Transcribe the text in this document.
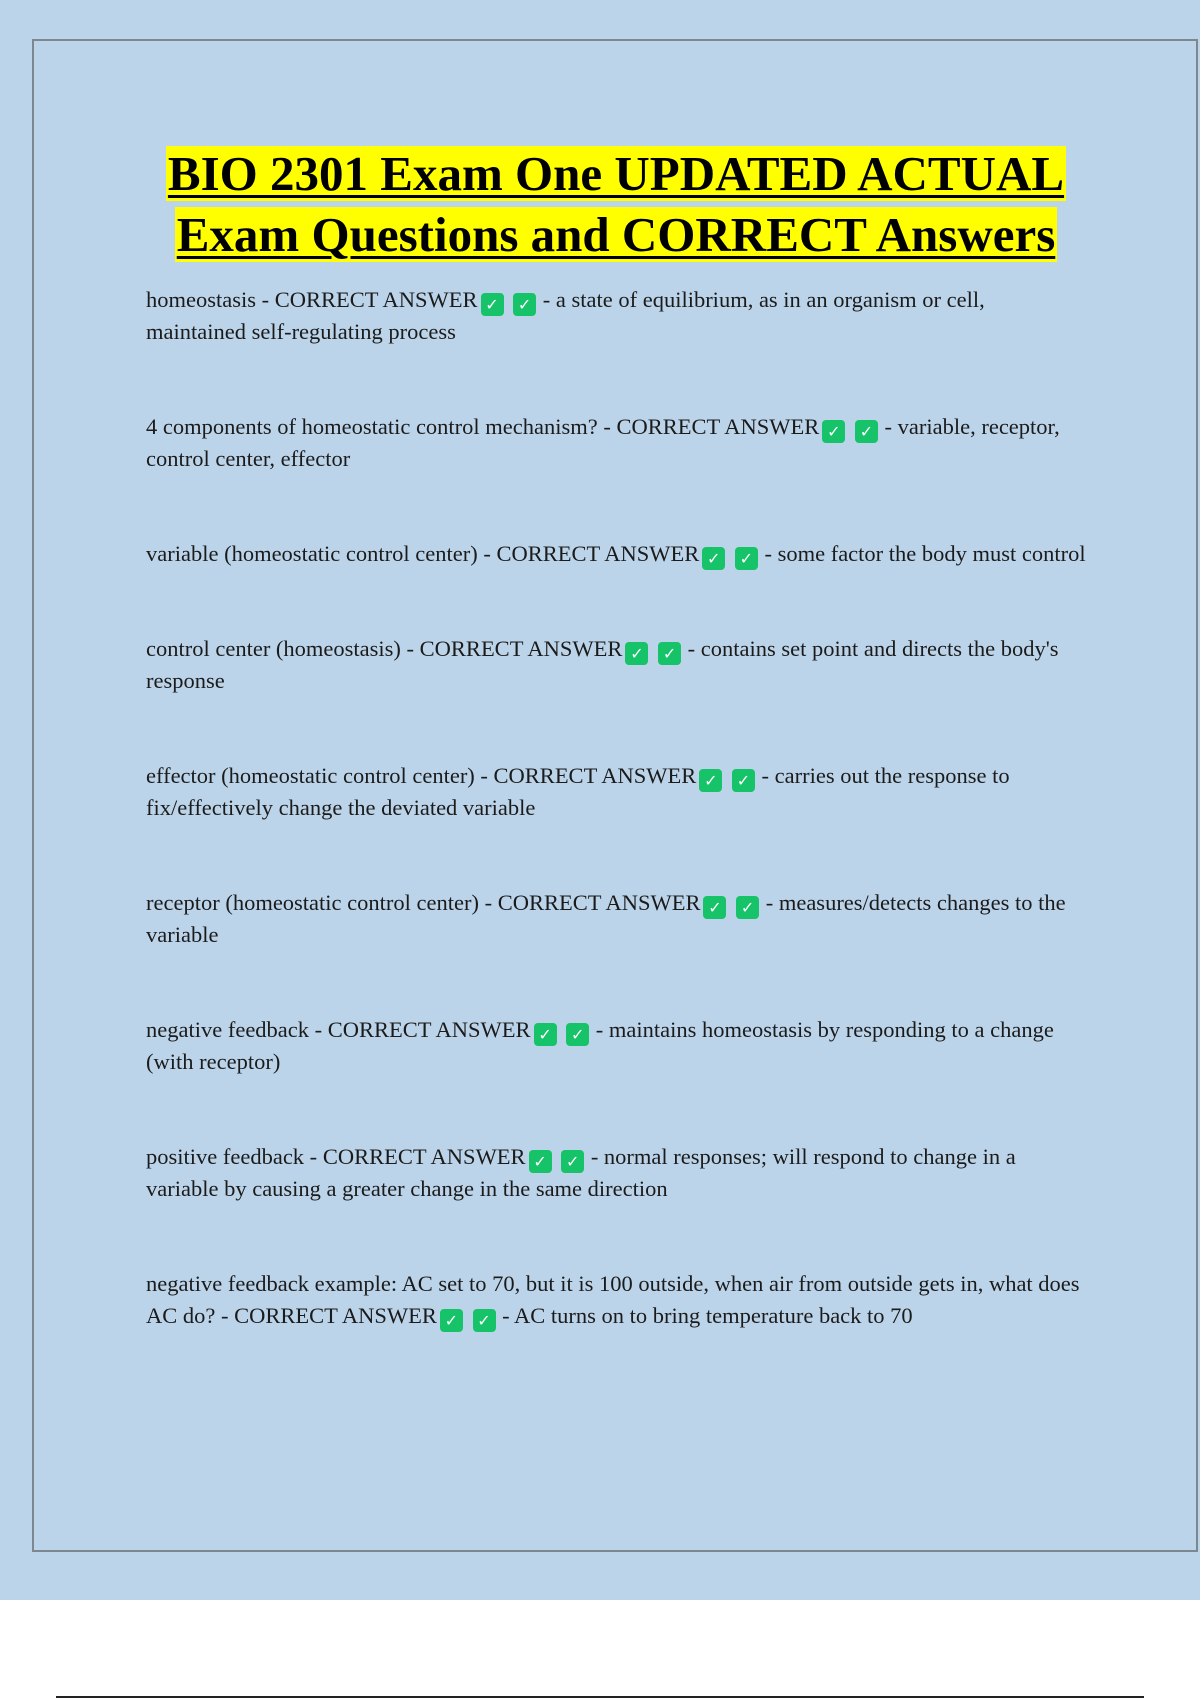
BIO 2301 Exam One UPDATED ACTUAL
Exam Questions and CORRECT Answers

homeostasis - CORRECT ANSWER ✓ ✓ - a state of equilibrium, as in an organism or cell, maintained self-regulating process

4 components of homeostatic control mechanism? - CORRECT ANSWER ✓ ✓ - variable, receptor, control center, effector

variable (homeostatic control center) - CORRECT ANSWER ✓ ✓ - some factor the body must control

control center (homeostasis) - CORRECT ANSWER ✓ ✓ - contains set point and directs the body's response

effector (homeostatic control center) - CORRECT ANSWER ✓ ✓ - carries out the response to fix/effectively change the deviated variable

receptor (homeostatic control center) - CORRECT ANSWER ✓ ✓ - measures/detects changes to the variable

negative feedback - CORRECT ANSWER ✓ ✓ - maintains homeostasis by responding to a change (with receptor)

positive feedback - CORRECT ANSWER ✓ ✓ - normal responses; will respond to change in a variable by causing a greater change in the same direction

negative feedback example: AC set to 70, but it is 100 outside, when air from outside gets in, what does AC do? - CORRECT ANSWER ✓ ✓ - AC turns on to bring temperature back to 70
